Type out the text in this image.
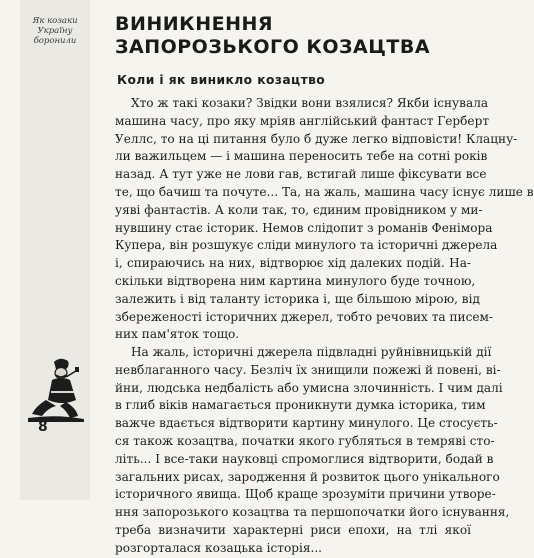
Як козаки
Україну
боронили
8
ВИНИКНЕННЯ
ЗАПОРОЗЬКОГО КОЗАЦТВА
Коли і як виникло козацтво
Хто ж такі козаки? Звідки вони взялися? Якби існувала
машина часу, про яку мріяв англійський фантаст Герберт
Уеллс, то на ці питання було б дуже легко відповісти! Клацну-
ли важильцем — і машина переносить тебе на сотні років
назад. А тут уже не лови гав, встигай лише фіксувати все
те, що бачиш та почуте... Та, на жаль, машина часу існує лише в
уяві фантастів. А коли так, то, єдиним провідником у ми-
нувшину стає історик. Немов слідопит з романів Фенімора
Купера, він розшукує сліди минулого та історичні джерела
і, спираючись на них, відтворює хід далеких подій. На-
скільки відтворена ним картина минулого буде точною,
залежить і від таланту історика і, ще більшою мірою, від
збереженості історичних джерел, тобто речових та писем-
них пам'яток тощо.
На жаль, історичні джерела підвладні руйнівницькій дії
невблаганного часу. Безліч їх знищили пожежі й повені, ві-
йни, людська недбалість або умисна злочинність. І чим далі
в глиб віків намагається проникнути думка історика, тим
важче вдається відтворити картину минулого. Це стосуєть-
ся також козацтва, початки якого губляться в темряві сто-
літь... І все-таки науковці спромоглися відтворити, бодай в
загальних рисах, зародження й розвиток цього унікального
історичного явища. Щоб краще зрозуміти причини утворе-
ння запорозького козацтва та першопочатки його існування,
треба визначити характерні риси епохи, на тлі якої
розгорталася козацька історія...
